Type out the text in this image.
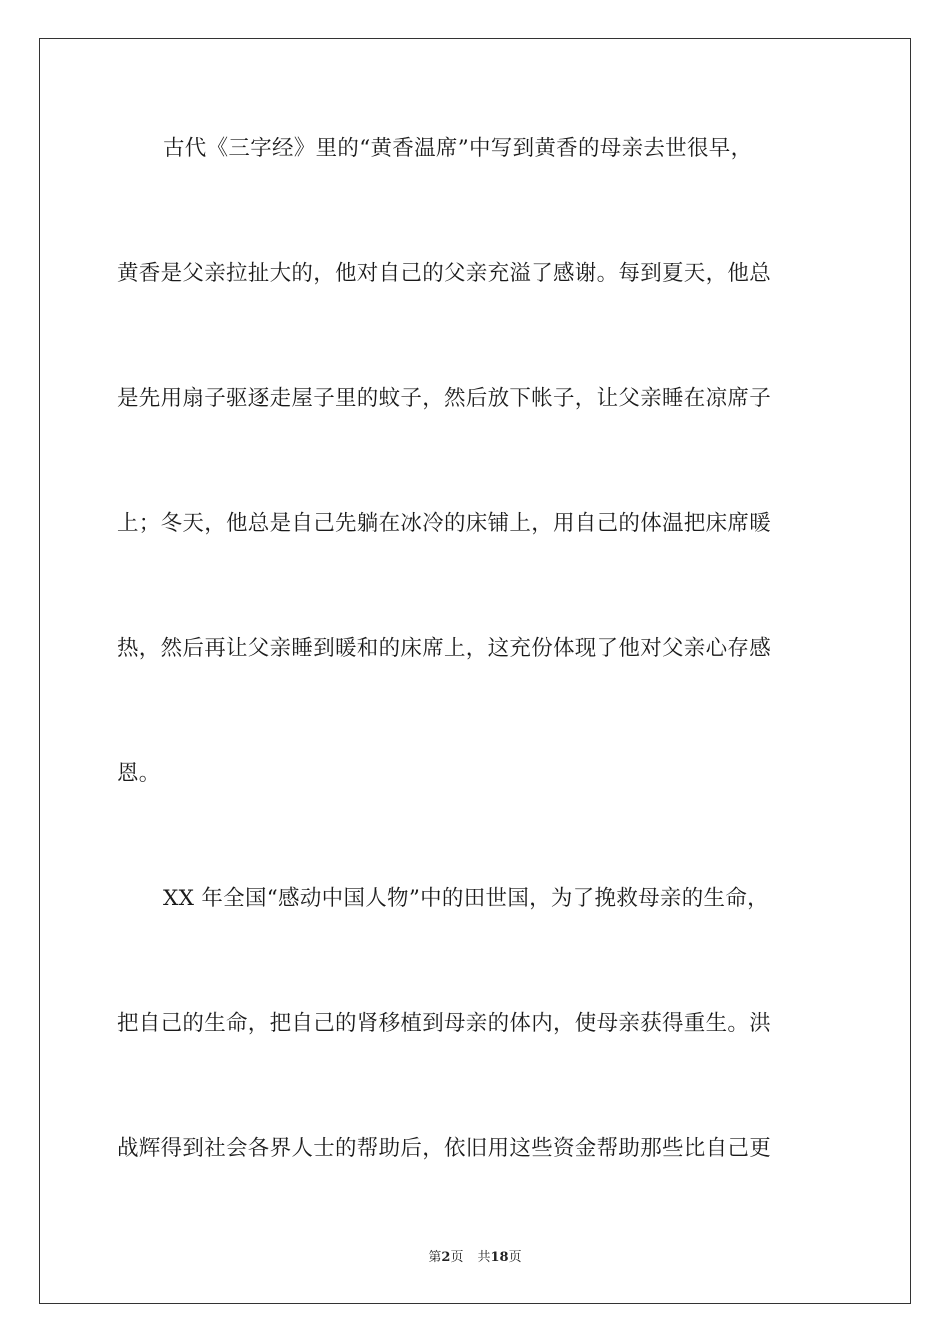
古代《三字经》里的“黄香温席”中写到黄香的母亲去世很早，
黄香是父亲拉扯大的，他对自己的父亲充溢了感谢。每到夏天，他总
是先用扇子驱逐走屋子里的蚊子，然后放下帐子，让父亲睡在凉席子
上；冬天，他总是自己先躺在冰冷的床铺上，用自己的体温把床席暖
热，然后再让父亲睡到暖和的床席上，这充份体现了他对父亲心存感
恩。
XX 年全国“感动中国人物”中的田世国，为了挽救母亲的生命，
把自己的生命，把自己的肾移植到母亲的体内，使母亲获得重生。洪
战辉得到社会各界人士的帮助后，依旧用这些资金帮助那些比自己更
第2页 共18页
